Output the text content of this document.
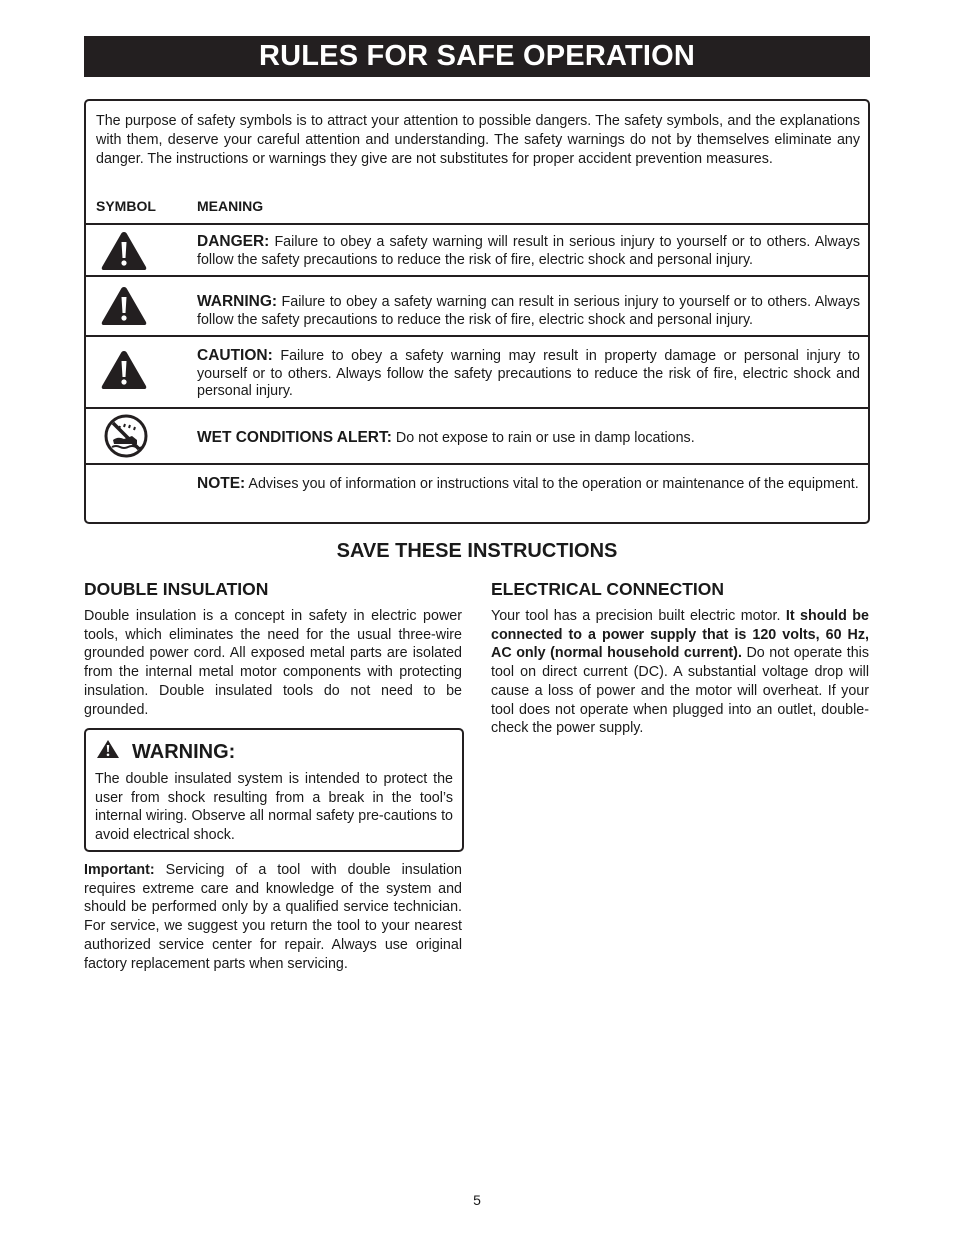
RULES FOR SAFE OPERATION
The purpose of safety symbols is to attract your attention to possible dangers. The safety symbols, and the explanations with them, deserve your careful attention and understanding. The safety warnings do not by themselves eliminate any danger. The instructions or warnings they give are not substitutes for proper accident prevention measures.
SYMBOL	MEANING
DANGER: Failure to obey a safety warning will result in serious injury to yourself or to others. Always follow the safety precautions to reduce the risk of fire, electric shock and personal injury.
WARNING: Failure to obey a safety warning can result in serious injury to yourself or to others. Always follow the safety precautions to reduce the risk of fire, electric shock and personal injury.
CAUTION: Failure to obey a safety warning may result in property damage or personal injury to yourself or to others. Always follow the safety precautions to reduce the risk of fire, electric shock and personal injury.
WET CONDITIONS ALERT: Do not expose to rain or use in damp locations.
NOTE: Advises you of information or instructions vital to the operation or maintenance of the equipment.
SAVE THESE INSTRUCTIONS
DOUBLE INSULATION
Double insulation is a concept in safety in electric power tools, which eliminates the need for the usual three-wire grounded power cord. All exposed metal parts are isolated from the internal metal motor components with protecting insulation. Double insulated tools do not need to be grounded.
WARNING:
The double insulated system is intended to protect the user from shock resulting from a break in the tool’s internal wiring. Observe all normal safety pre-cautions to avoid electrical shock.
Important: Servicing of a tool with double insulation requires extreme care and knowledge of the system and should be performed only by a qualified service technician. For service, we suggest you return the tool to your nearest authorized service center for repair. Always use original factory replacement parts when servicing.
ELECTRICAL CONNECTION
Your tool has a precision built electric motor. It should be connected to a power supply that is 120 volts, 60 Hz, AC only (normal household current). Do not operate this tool on direct current (DC). A substantial voltage drop will cause a loss of power and the motor will overheat. If your tool does not operate when plugged into an outlet, double-check the power supply.
5
